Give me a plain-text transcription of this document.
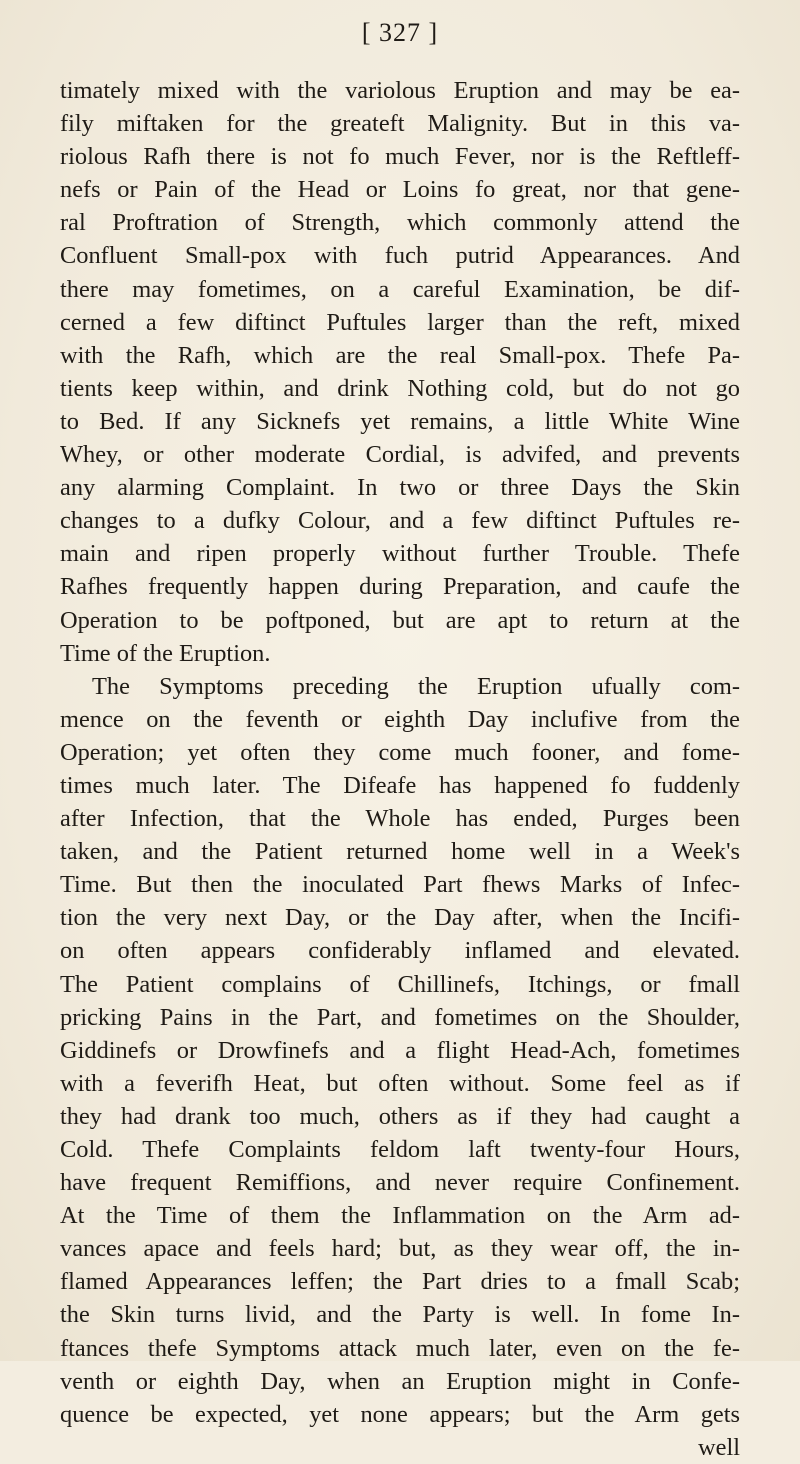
[ 327 ]
timately mixed with the variolous Eruption and may be ea-
fily miftaken for the greateft Malignity. But in this va-
riolous Rafh there is not fo much Fever, nor is the Reftleff-
nefs or Pain of the Head or Loins fo great, nor that gene-
ral Proftration of Strength, which commonly attend the
Confluent Small-pox with fuch putrid Appearances. And
there may fometimes, on a careful Examination, be dif-
cerned a few diftinct Puftules larger than the reft, mixed
with the Rafh, which are the real Small-pox. Thefe Pa-
tients keep within, and drink Nothing cold, but do not go
to Bed. If any Sicknefs yet remains, a little White Wine
Whey, or other moderate Cordial, is advifed, and prevents
any alarming Complaint. In two or three Days the Skin
changes to a dufky Colour, and a few diftinct Puftules re-
main and ripen properly without further Trouble. Thefe
Rafhes frequently happen during Preparation, and caufe the
Operation to be poftponed, but are apt to return at the
Time of the Eruption.
The Symptoms preceding the Eruption ufually com-
mence on the feventh or eighth Day inclufive from the
Operation; yet often they come much fooner, and fome-
times much later. The Difeafe has happened fo fuddenly
after Infection, that the Whole has ended, Purges been
taken, and the Patient returned home well in a Week's
Time. But then the inoculated Part fhews Marks of Infec-
tion the very next Day, or the Day after, when the Incifi-
on often appears confiderably inflamed and elevated.
The Patient complains of Chillinefs, Itchings, or fmall
pricking Pains in the Part, and fometimes on the Shoulder,
Giddinefs or Drowfinefs and a flight Head-Ach, fometimes
with a feverifh Heat, but often without. Some feel as if
they had drank too much, others as if they had caught a
Cold. Thefe Complaints feldom laft twenty-four Hours,
have frequent Remiffions, and never require Confinement.
At the Time of them the Inflammation on the Arm ad-
vances apace and feels hard; but, as they wear off, the in-
flamed Appearances leffen; the Part dries to a fmall Scab;
the Skin turns livid, and the Party is well. In fome In-
ftances thefe Symptoms attack much later, even on the fe-
venth or eighth Day, when an Eruption might in Confe-
quence be expected, yet none appears; but the Arm gets
well
